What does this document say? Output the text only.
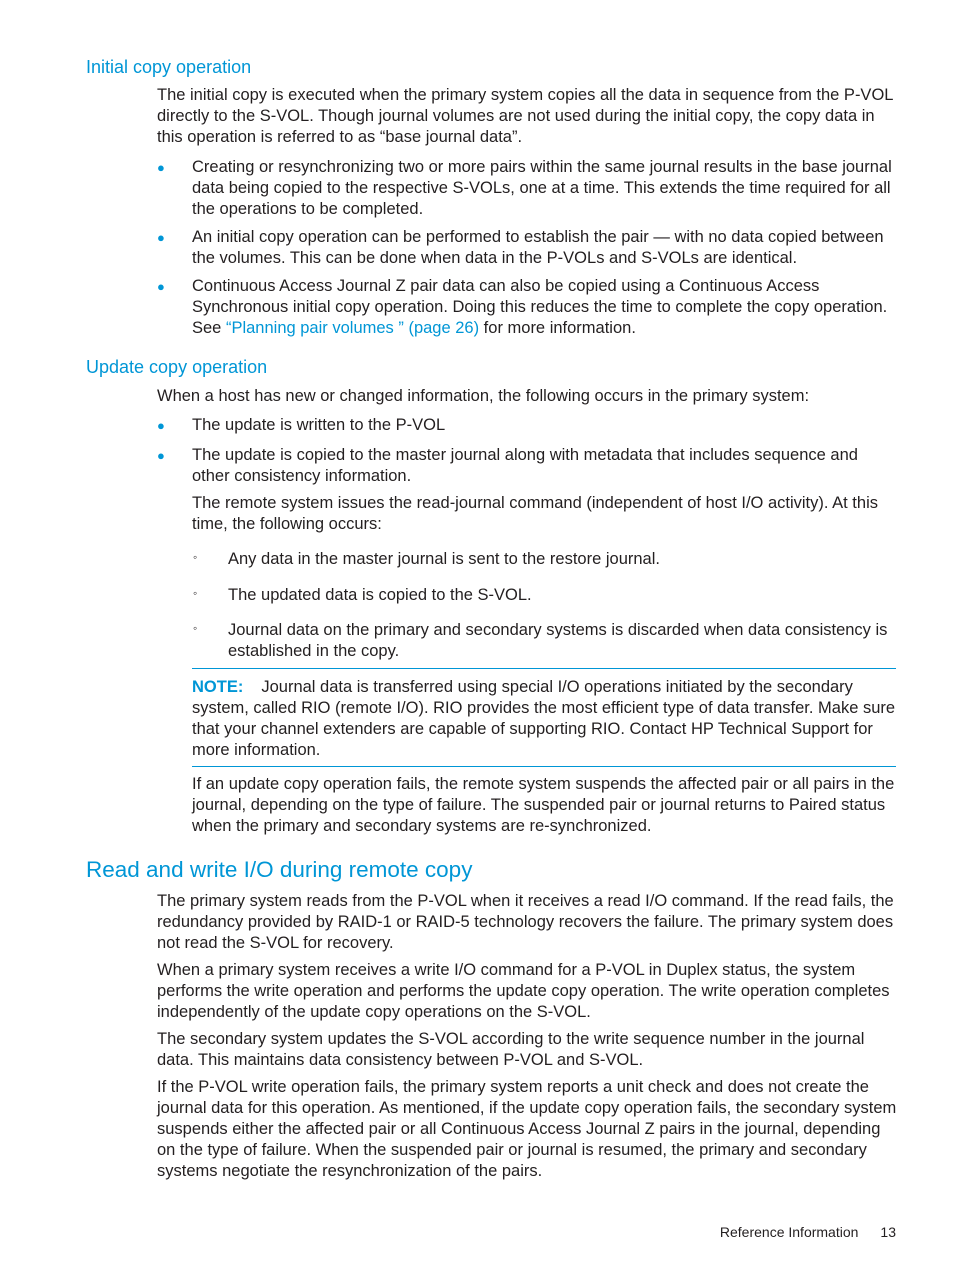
Initial copy operation

The initial copy is executed when the primary system copies all the data in sequence from the P-VOL directly to the S-VOL. Though journal volumes are not used during the initial copy, the copy data in this operation is referred to as “base journal data”.

● Creating or resynchronizing two or more pairs within the same journal results in the base journal data being copied to the respective S-VOLs, one at a time. This extends the time required for all the operations to be completed.

● An initial copy operation can be performed to establish the pair — with no data copied between the volumes. This can be done when data in the P-VOLs and S-VOLs are identical.

● Continuous Access Journal Z pair data can also be copied using a Continuous Access Synchronous initial copy operation. Doing this reduces the time to complete the copy operation. See “Planning pair volumes ” (page 26) for more information.

Update copy operation

When a host has new or changed information, the following occurs in the primary system:

● The update is written to the P-VOL

● The update is copied to the master journal along with metadata that includes sequence and other consistency information.

The remote system issues the read-journal command (independent of host I/O activity). At this time, the following occurs:

◦ Any data in the master journal is sent to the restore journal.

◦ The updated data is copied to the S-VOL.

◦ Journal data on the primary and secondary systems is discarded when data consistency is established in the copy.

NOTE: Journal data is transferred using special I/O operations initiated by the secondary system, called RIO (remote I/O). RIO provides the most efficient type of data transfer. Make sure that your channel extenders are capable of supporting RIO. Contact HP Technical Support for more information.

If an update copy operation fails, the remote system suspends the affected pair or all pairs in the journal, depending on the type of failure. The suspended pair or journal returns to Paired status when the primary and secondary systems are re-synchronized.

Read and write I/O during remote copy

The primary system reads from the P-VOL when it receives a read I/O command. If the read fails, the redundancy provided by RAID-1 or RAID-5 technology recovers the failure. The primary system does not read the S-VOL for recovery.

When a primary system receives a write I/O command for a P-VOL in Duplex status, the system performs the write operation and performs the update copy operation. The write operation completes independently of the update copy operations on the S-VOL.

The secondary system updates the S-VOL according to the write sequence number in the journal data. This maintains data consistency between P-VOL and S-VOL.

If the P-VOL write operation fails, the primary system reports a unit check and does not create the journal data for this operation. As mentioned, if the update copy operation fails, the secondary system suspends either the affected pair or all Continuous Access Journal Z pairs in the journal, depending on the type of failure. When the suspended pair or journal is resumed, the primary and secondary systems negotiate the resynchronization of the pairs.

Reference Information 13
